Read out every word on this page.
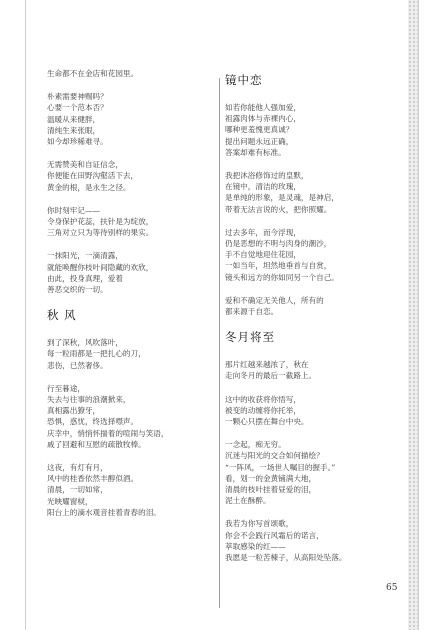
生命都不在金店和花园里。
朴素需要神赐吗？
心要一个范本否？
温暖从来健胖，
清纯生来张眼，
如今却珍稀难寻。
无需赞美和自证信念，
你便能在田野沟壑活下去，
黄金的根，是永生之径。
你时刻牢记——
令身保护花蕊，扶针是为绽放，
三角对立只为等待别样的果实。
一抹阳光，一滴清露，
就能唤醒你枝叶间隐藏的欢欣，
由此，投身真理，爱着
善恶交织的一切。
秋 风
到了深秋，风吹落叶，
每一粒雨都是一把扎心的刀，
悲伤，已然奢侈。
行至暮途，
失去与往事的浪潮掀来，
真相露出獠牙，
恐惧，惑忧，终选择噤声。
庆幸中，悄悄怀揣着的喧闹与笑语，
戚了回避和互慰的疏散牧棒。
这夜，有灯有月，
风中的桂香依然丰醇似酒。
清晨，一切如常，
光映耀窗棂，
阳台上的滴水观音挂着青春的泪。
镜中恋
如若你能他人强加爱，
祖露肉体与赤裸内心，
哪种更羞愧更真诚？
提出问题永远正确，
答案却难有标准。
我把沐浴修饰过的皇默，
在镜中，清洁的玫瑰，
是单纯的形象，是灵魂，是神启，
带着无法言说的火，把你照耀。
过去多年，而今浮现，
仍是恶想的不明与肉身的潮沙，
手不自觉地迎住花园，
一如当年，坦然地垂首与自赏，
镜头和远方的你如同另一个自己。
爱和不确定无关他人，所有的
都来源于自恋。
冬月将至
那片红越来越浓了，秋在
走向冬月的最后一截路上。
这中的收获将你悟写，
被变的动缠将你托举，
一颗心只摆在舞台中央。
一念起，痴无穷。
沉迷与阳光的交合如何描绘？
“一阵风，一场世人嘱目的握手。”
看，划一的金黄铺满大地，
清晨的枝叶挂着昼爱的泪，
泥土在酥醉。
我若为你写首颂歌，
你会不会践行风霜后的诺言，
萃取感染的红——
我愿是一粒苦楝子，从高阳处坠落。
65
